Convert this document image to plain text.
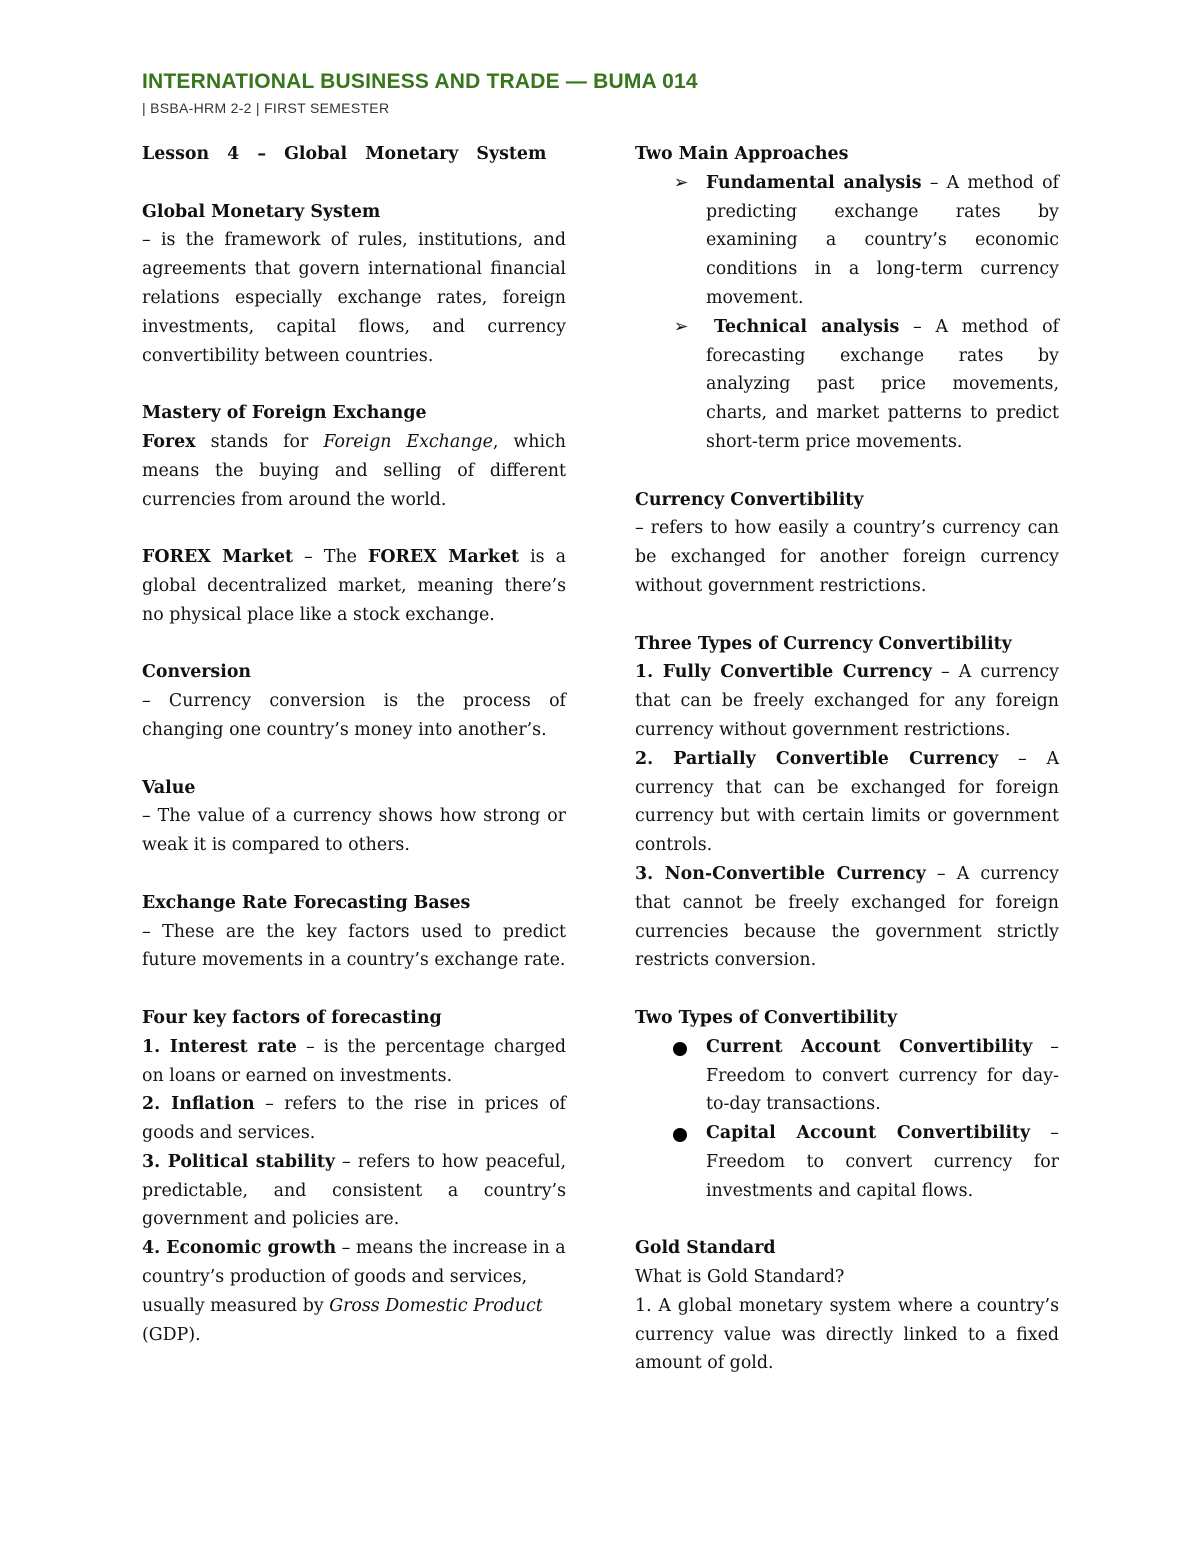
INTERNATIONAL BUSINESS AND TRADE — BUMA 014
| BSBA-HRM 2-2 | FIRST SEMESTER

Lesson 4 – Global Monetary System

Global Monetary System

– is the framework of rules, institutions, and agreements that govern international financial relations especially exchange rates, foreign investments, capital flows, and currency convertibility between countries.

Mastery of Foreign Exchange

Forex stands for Foreign Exchange, which means the buying and selling of different currencies from around the world.

FOREX Market – The FOREX Market is a global decentralized market, meaning there’s no physical place like a stock exchange.

Conversion

– Currency conversion is the process of changing one country’s money into another’s.

Value

– The value of a currency shows how strong or weak it is compared to others.

Exchange Rate Forecasting Bases

– These are the key factors used to predict future movements in a country’s exchange rate.

Four key factors of forecasting

1. Interest rate – is the percentage charged on loans or earned on investments.

2. Inflation – refers to the rise in prices of goods and services.

3. Political stability – refers to how peaceful, predictable, and consistent a country’s government and policies are.

4. Economic growth – means the increase in a country’s production of goods and services, usually measured by Gross Domestic Product (GDP).

Two Main Approaches

➢ Fundamental analysis – A method of predicting exchange rates by examining a country’s economic conditions in a long-term currency movement.
➢ Technical analysis – A method of forecasting exchange rates by analyzing past price movements, charts, and market patterns to predict short-term price movements.

Currency Convertibility

– refers to how easily a country’s currency can be exchanged for another foreign currency without government restrictions.

Three Types of Currency Convertibility

1. Fully Convertible Currency – A currency that can be freely exchanged for any foreign currency without government restrictions.

2. Partially Convertible Currency – A currency that can be exchanged for foreign currency but with certain limits or government controls.

3. Non-Convertible Currency – A currency that cannot be freely exchanged for foreign currencies because the government strictly restricts conversion.

Two Types of Convertibility

Current Account Convertibility – Freedom to convert currency for day-to-day transactions.
Capital Account Convertibility – Freedom to convert currency for investments and capital flows.

Gold Standard

What is Gold Standard?

1. A global monetary system where a country’s currency value was directly linked to a fixed amount of gold.
